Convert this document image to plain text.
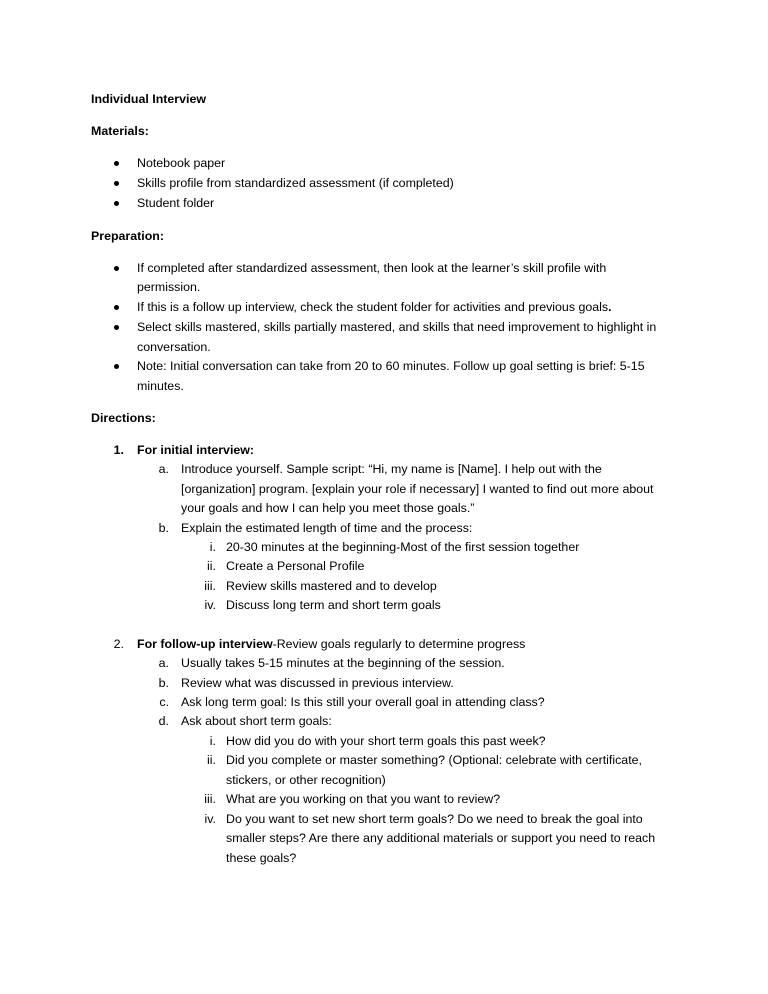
Individual Interview
Materials:
Notebook paper
Skills profile from standardized assessment (if completed)
Student folder
Preparation:
If completed after standardized assessment, then look at the learner’s skill profile with
permission.
If this is a follow up interview, check the student folder for activities and previous goals.
Select skills mastered, skills partially mastered, and skills that need improvement to highlight in
conversation.
Note: Initial conversation can take from 20 to 60 minutes. Follow up goal setting is brief: 5-15
minutes.
Directions:
1. For initial interview:
a. Introduce yourself. Sample script: “Hi, my name is [Name]. I help out with the
[organization] program. [explain your role if necessary] I wanted to find out more about
your goals and how I can help you meet those goals.”
b. Explain the estimated length of time and the process:
i. 20-30 minutes at the beginning-Most of the first session together
ii. Create a Personal Profile
iii. Review skills mastered and to develop
iv. Discuss long term and short term goals
2. For follow-up interview-Review goals regularly to determine progress
a. Usually takes 5-15 minutes at the beginning of the session.
b. Review what was discussed in previous interview.
c. Ask long term goal: Is this still your overall goal in attending class?
d. Ask about short term goals:
i. How did you do with your short term goals this past week?
ii. Did you complete or master something? (Optional: celebrate with certificate,
stickers, or other recognition)
iii. What are you working on that you want to review?
iv. Do you want to set new short term goals? Do we need to break the goal into
smaller steps? Are there any additional materials or support you need to reach
these goals?
